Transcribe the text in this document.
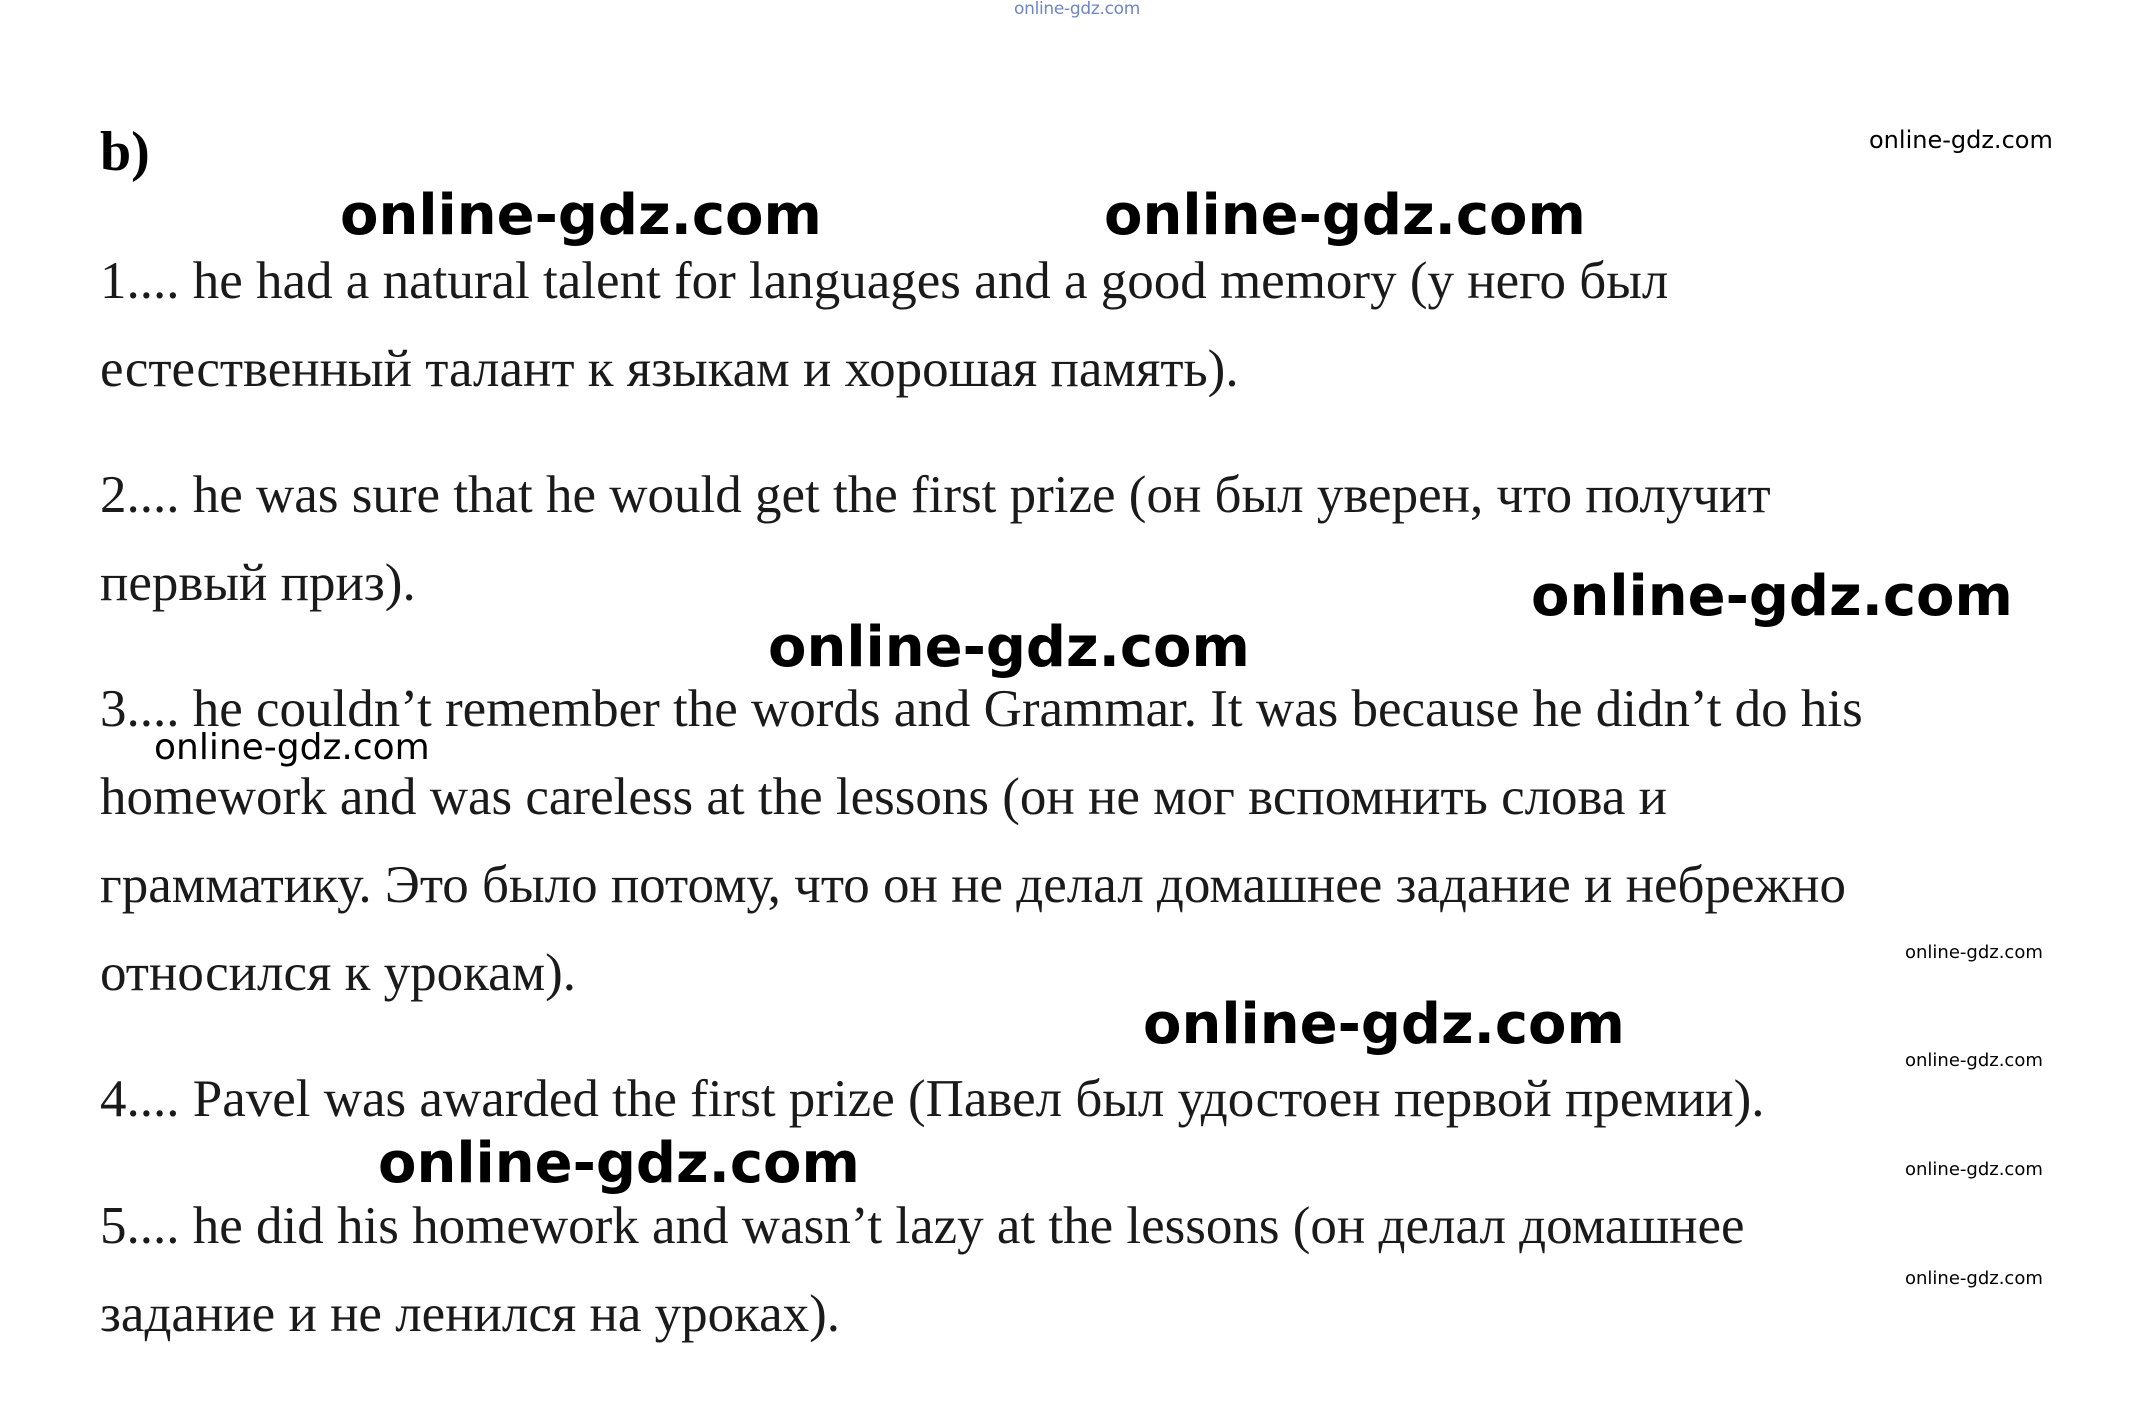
online-gdz.com
b)
1.... he had a natural talent for languages and a good memory (у него был
естественный талант к языкам и хорошая память).
2.... he was sure that he would get the first prize (он был уверен, что получит
первый приз).
3.... he couldn’t remember the words and Grammar. It was because he didn’t do his
homework and was careless at the lessons (он не мог вспомнить слова и
грамматику. Это было потому, что он не делал домашнее задание и небрежно
относился к урокам).
4.... Pavel was awarded the first prize (Павел был удостоен первой премии).
5.... he did his homework and wasn’t lazy at the lessons (он делал домашнее
задание и не ленился на уроках).
online-gdz.com
online-gdz.com	online-gdz.com
online-gdz.com
online-gdz.com
online-gdz.com
online-gdz.com
online-gdz.com
online-gdz.com
online-gdz.com	online-gdz.com
online-gdz.com
